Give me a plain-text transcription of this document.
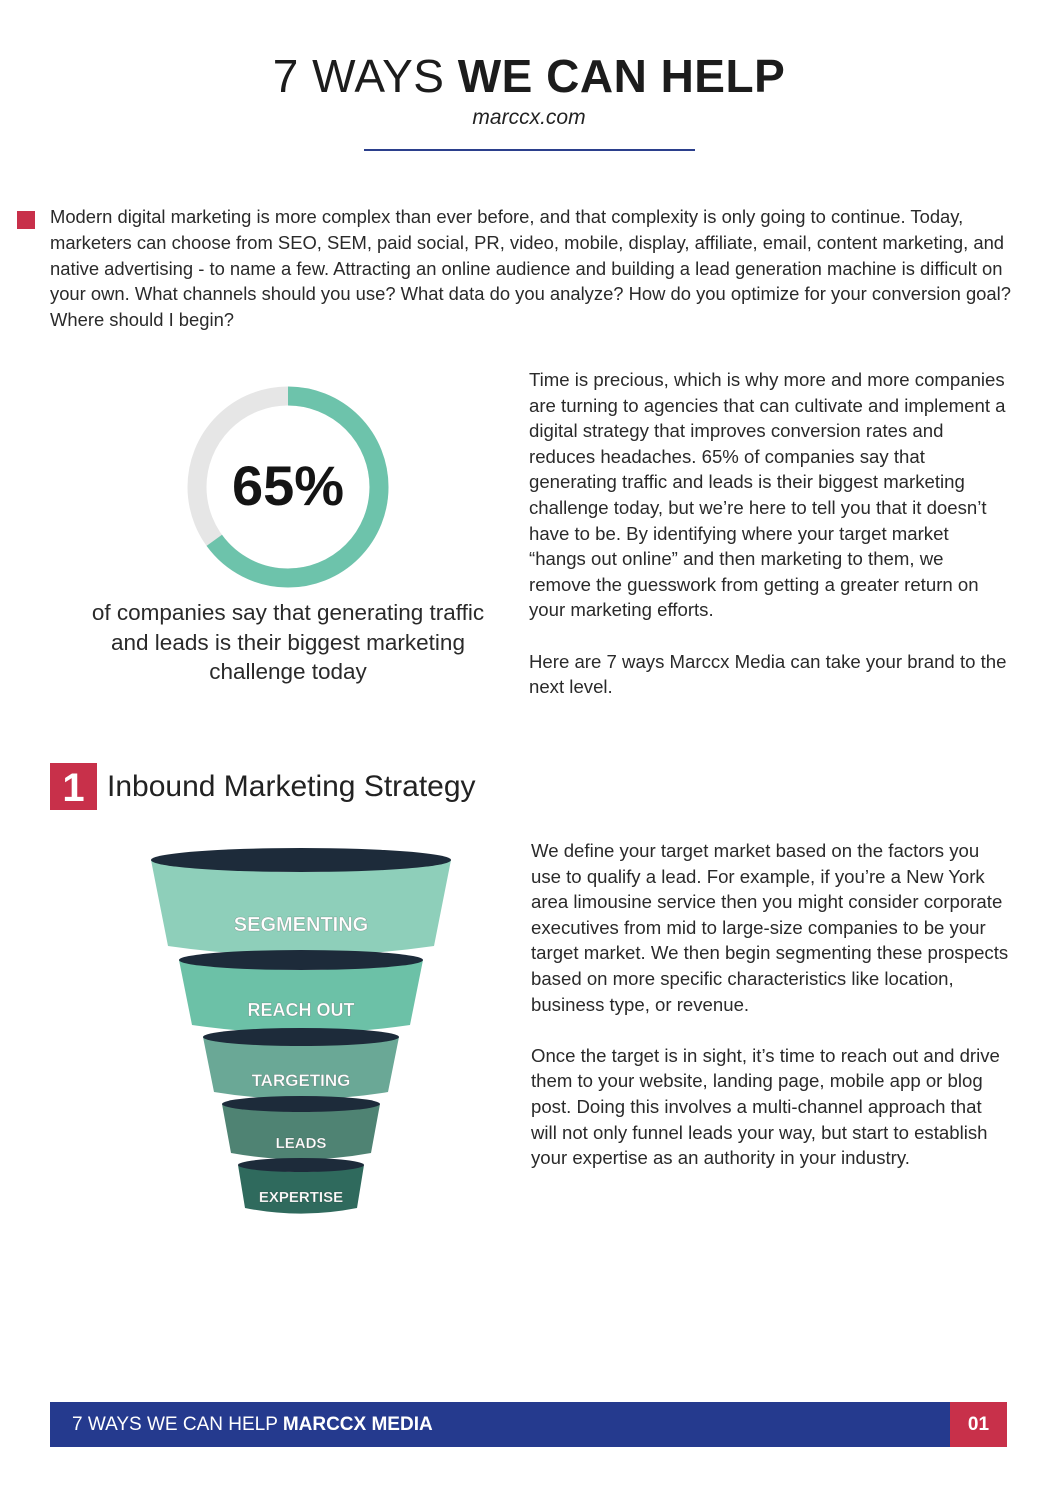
7 WAYS WE CAN HELP
marccx.com

Modern digital marketing is more complex than ever before, and that complexity is only going to continue. Today, marketers can choose from SEO, SEM, paid social, PR, video, mobile, display, affiliate, email, content marketing, and native advertising - to name a few. Attracting an online audience and building a lead generation machine is difficult on your own. What channels should you use? What data do you analyze? How do you optimize for your conversion goal? Where should I begin?

65%

of companies say that generating traffic and leads is their biggest marketing challenge today

Time is precious, which is why more and more companies are turning to agencies that can cultivate and implement a digital strategy that improves conversion rates and reduces headaches. 65% of companies say that generating traffic and leads is their biggest marketing challenge today, but we’re here to tell you that it doesn’t have to be. By identifying where your target market “hangs out online” and then marketing to them, we remove the guesswork from getting a greater return on your marketing efforts.

Here are 7 ways Marccx Media can take your brand to the next level.

1 Inbound Marketing Strategy
SEGMENTING
REACH OUT
TARGETING
LEADS
EXPERTISE

We define your target market based on the factors you use to qualify a lead. For example, if you’re a New York area limousine service then you might consider corporate executives from mid to large-size companies to be your target market. We then begin segmenting these prospects based on more specific characteristics like location, business type, or revenue.

Once the target is in sight, it’s time to reach out and drive them to your website, landing page, mobile app or blog post. Doing this involves a multi-channel approach that will not only funnel leads your way, but start to establish your expertise as an authority in your industry.

7 WAYS WE CAN HELP MARCCX MEDIA	01
